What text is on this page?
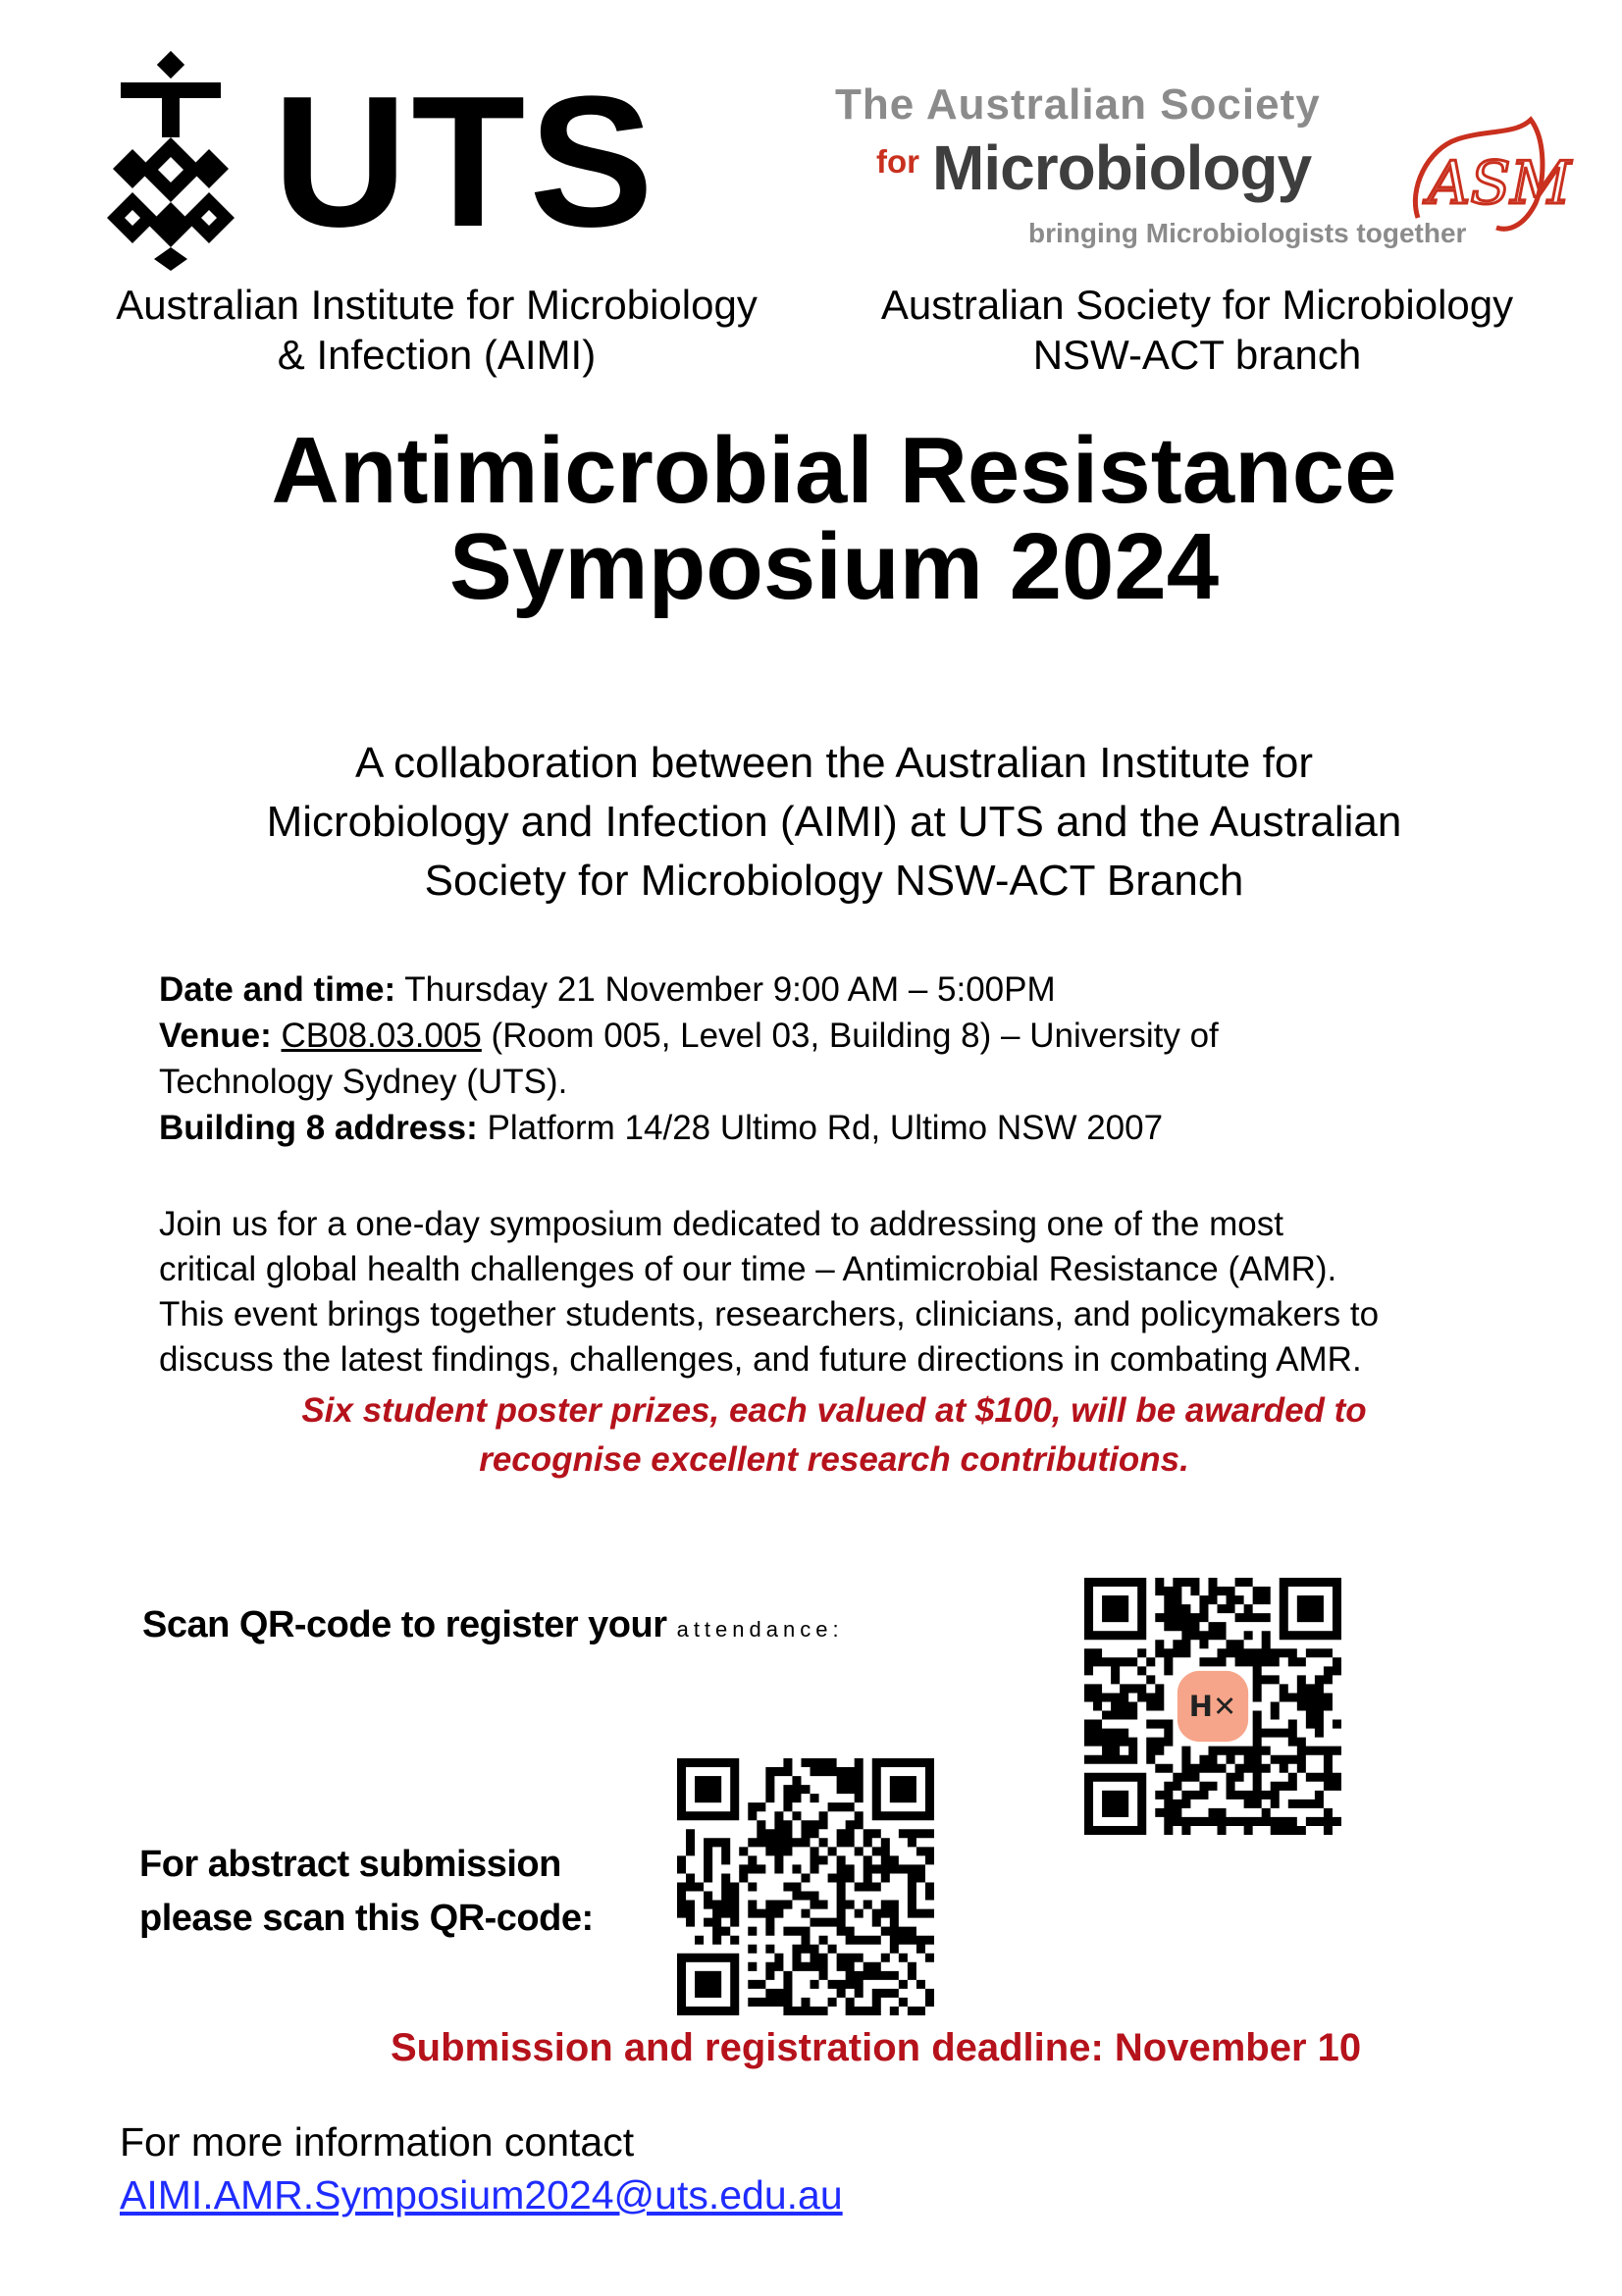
UTS
Australian Institute for Microbiology
& Infection (AIMI)
The Australian Society
for Microbiology
bringing Microbiologists together
ASM
Australian Society for Microbiology
NSW-ACT branch
Antimicrobial Resistance
Symposium 2024
A collaboration between the Australian Institute for
Microbiology and Infection (AIMI) at UTS and the Australian
Society for Microbiology NSW-ACT Branch
Date and time: Thursday 21 November 9:00 AM – 5:00PM
Venue: CB08.03.005 (Room 005, Level 03, Building 8) – University of
Technology Sydney (UTS).
Building 8 address: Platform 14/28 Ultimo Rd, Ultimo NSW 2007
Join us for a one-day symposium dedicated to addressing one of the most
critical global health challenges of our time – Antimicrobial Resistance (AMR).
This event brings together students, researchers, clinicians, and policymakers to
discuss the latest findings, challenges, and future directions in combating AMR.
Six student poster prizes, each valued at $100, will be awarded to
recognise excellent research contributions.
Scan QR-code to register your attendance:
H✕
For abstract submission
please scan this QR-code:
Submission and registration deadline: November 10
For more information contact
AIMI.AMR.Symposium2024@uts.edu.au
